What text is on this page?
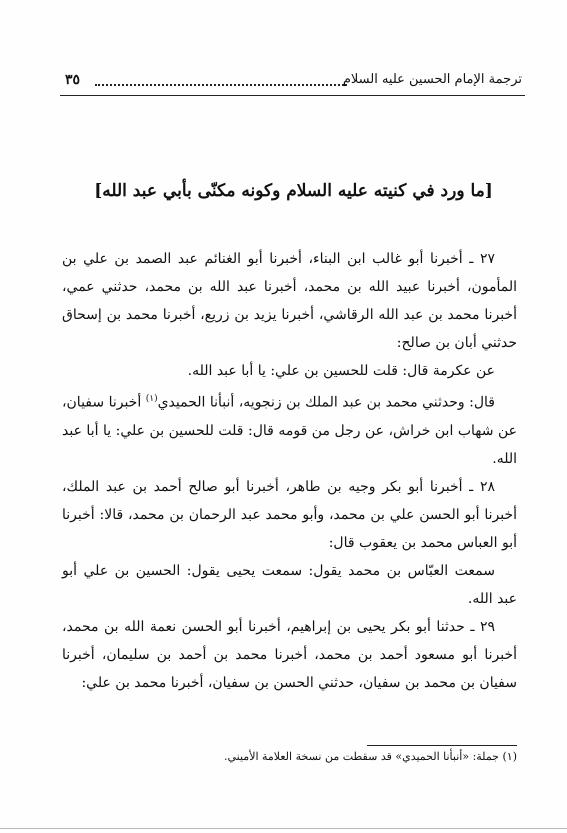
ترجمة الإمام الحسين عليه السلام
٣٥
[ما ورد في كنيته عليه السلام وكونه مكنّى بأبي عبد الله]

٢٧ ـ أخبرنا أبو غالب ابن البناء، أخبرنا أبو الغنائم عبد الصمد بن علي بن المأمون، أخبرنا عبيد الله بن محمد، أخبرنا عبد الله بن محمد، حدثني عمي، أخبرنا محمد بن عبد الله الرقاشي، أخبرنا يزيد بن زريع، أخبرنا محمد بن إسحاق حدثني أبان بن صالح:

عن عكرمة قال: قلت للحسين بن علي: يا أبا عبد الله.

قال: وحدثني محمد بن عبد الملك بن زنجويه، أنبأنا الحميدي$^{(١)}$ أخبرنا سفيان، عن شهاب ابن خراش، عن رجل من قومه قال: قلت للحسين بن علي: يا أبا عبد الله.

٢٨ ـ أخبرنا أبو بكر وجيه بن طاهر، أخبرنا أبو صالح أحمد بن عبد الملك، أخبرنا أبو الحسن علي بن محمد، وأبو محمد عبد الرحمان بن محمد، قالا: أخبرنا أبو العباس محمد بن يعقوب قال:

سمعت العبّاس بن محمد يقول: سمعت يحيى يقول: الحسين بن علي أبو عبد الله.

٢٩ ـ حدثنا أبو بكر يحيى بن إبراهيم، أخبرنا أبو الحسن نعمة الله بن محمد، أخبرنا أبو مسعود أحمد بن محمد، أخبرنا محمد بن أحمد بن سليمان، أخبرنا سفيان بن محمد بن سفيان، حدثني الحسن بن سفيان، أخبرنا محمد بن علي:

(١) جملة: «أنبأنا الحميدي» قد سقطت من نسخة العلامة الأميني.
